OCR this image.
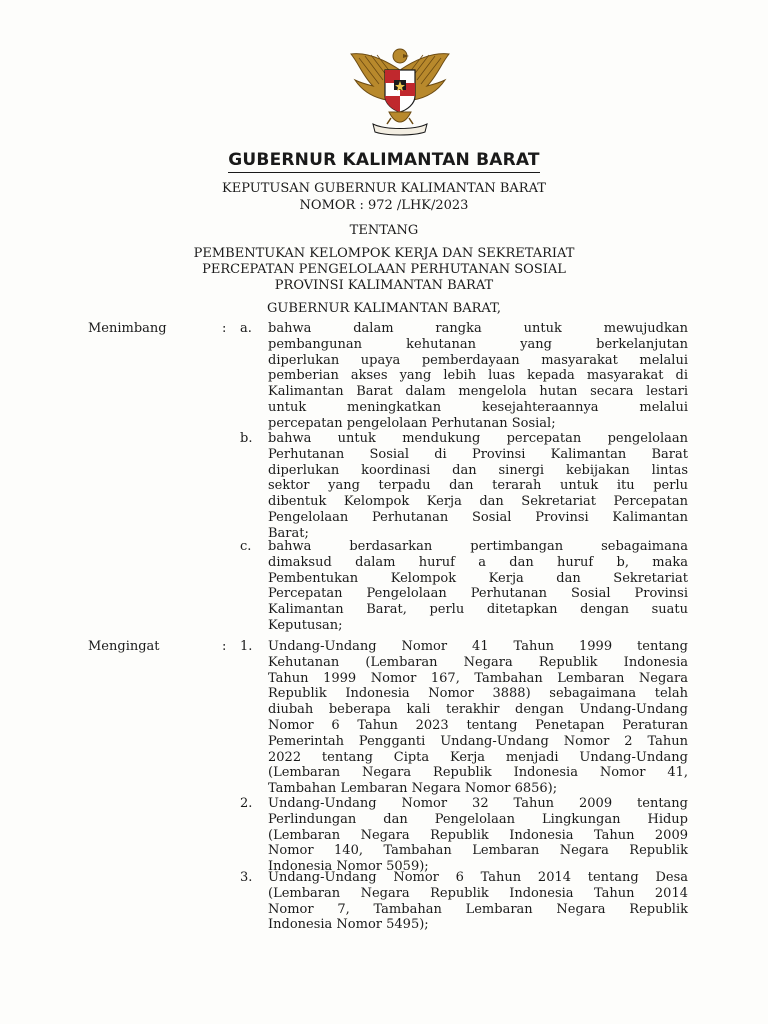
GUBERNUR KALIMANTAN BARAT
KEPUTUSAN GUBERNUR KALIMANTAN BARAT
NOMOR : 972 /LHK/2023
TENTANG
PEMBENTUKAN KELOMPOK KERJA DAN SEKRETARIAT
PERCEPATAN PENGELOLAAN PERHUTANAN SOSIAL
PROVINSI KALIMANTAN BARAT
GUBERNUR KALIMANTAN BARAT,
Menimbang	: a. bahwa dalam rangka untuk mewujudkan
pembangunan kehutanan yang berkelanjutan
diperlukan upaya pemberdayaan masyarakat melalui
pemberian akses yang lebih luas kepada masyarakat di
Kalimantan Barat dalam mengelola hutan secara lestari
untuk meningkatkan kesejahteraannya melalui
percepatan pengelolaan Perhutanan Sosial;
b. bahwa untuk mendukung percepatan pengelolaan
Perhutanan Sosial di Provinsi Kalimantan Barat
diperlukan koordinasi dan sinergi kebijakan lintas
sektor yang terpadu dan terarah untuk itu perlu
dibentuk Kelompok Kerja dan Sekretariat Percepatan
Pengelolaan Perhutanan Sosial Provinsi Kalimantan
Barat;
c. bahwa berdasarkan pertimbangan sebagaimana
dimaksud dalam huruf a dan huruf b, maka
Pembentukan Kelompok Kerja dan Sekretariat
Percepatan Pengelolaan Perhutanan Sosial Provinsi
Kalimantan Barat, perlu ditetapkan dengan suatu
Keputusan;
Mengingat	: 1. Undang-Undang Nomor 41 Tahun 1999 tentang
Kehutanan (Lembaran Negara Republik Indonesia
Tahun 1999 Nomor 167, Tambahan Lembaran Negara
Republik Indonesia Nomor 3888) sebagaimana telah
diubah beberapa kali terakhir dengan Undang-Undang
Nomor 6 Tahun 2023 tentang Penetapan Peraturan
Pemerintah Pengganti Undang-Undang Nomor 2 Tahun
2022 tentang Cipta Kerja menjadi Undang-Undang
(Lembaran Negara Republik Indonesia Nomor 41,
Tambahan Lembaran Negara Nomor 6856);
2. Undang-Undang Nomor 32 Tahun 2009 tentang
Perlindungan dan Pengelolaan Lingkungan Hidup
(Lembaran Negara Republik Indonesia Tahun 2009
Nomor 140, Tambahan Lembaran Negara Republik
Indonesia Nomor 5059);
3. Undang-Undang Nomor 6 Tahun 2014 tentang Desa
(Lembaran Negara Republik Indonesia Tahun 2014
Nomor 7, Tambahan Lembaran Negara Republik
Indonesia Nomor 5495);
